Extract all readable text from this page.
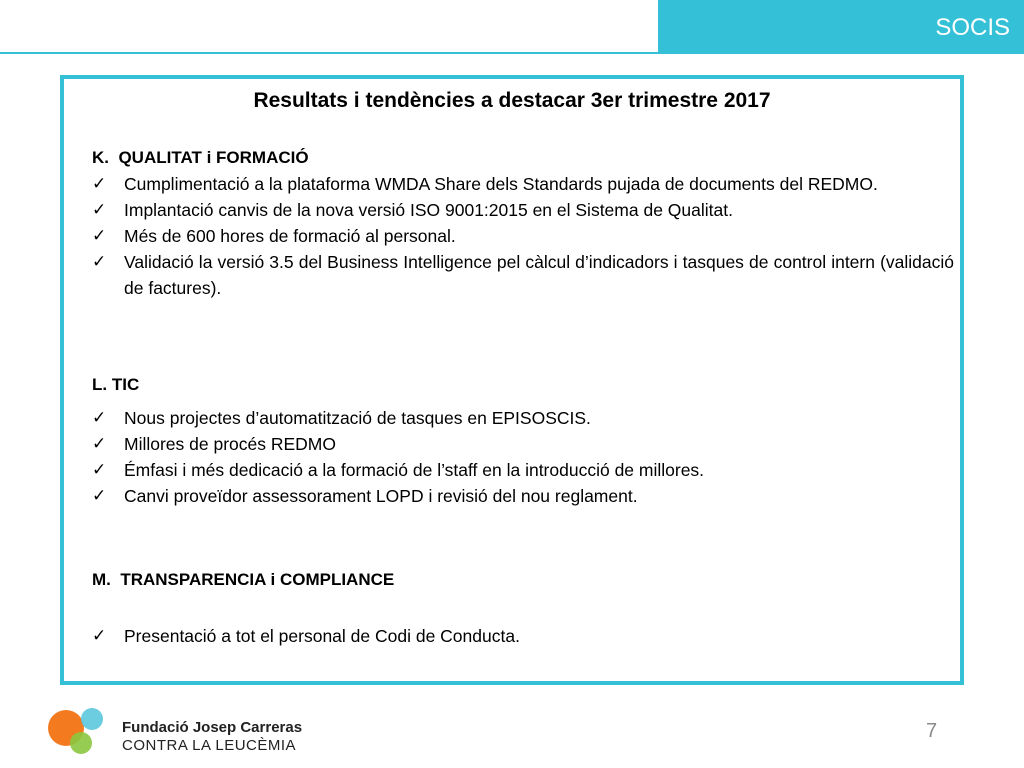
SOCIS
Resultats i tendències a destacar 3er trimestre 2017
K.  QUALITAT i FORMACIÓ
✓	Cumplimentació a la plataforma WMDA Share dels Standards pujada de documents del REDMO.
✓	Implantació canvis de la nova versió ISO 9001:2015 en el Sistema de Qualitat.
✓	Més de 600 hores de formació al personal.
✓	Validació la versió 3.5 del Business Intelligence pel càlcul d’indicadors i tasques de control intern (validació de factures).
L. TIC
✓	Nous projectes d’automatització de tasques en EPISOSCIS.
✓	Millores de procés REDMO
✓	Émfasi i més dedicació a la formació de l’staff en la introducció de millores.
✓	Canvi proveïdor assessorament LOPD i revisió del nou reglament.
M.  TRANSPARENCIA i COMPLIANCE
✓	Presentació a tot el personal de Codi de Conducta.
Fundació Josep Carreras
CONTRA LA LEUCÈMIA
7
